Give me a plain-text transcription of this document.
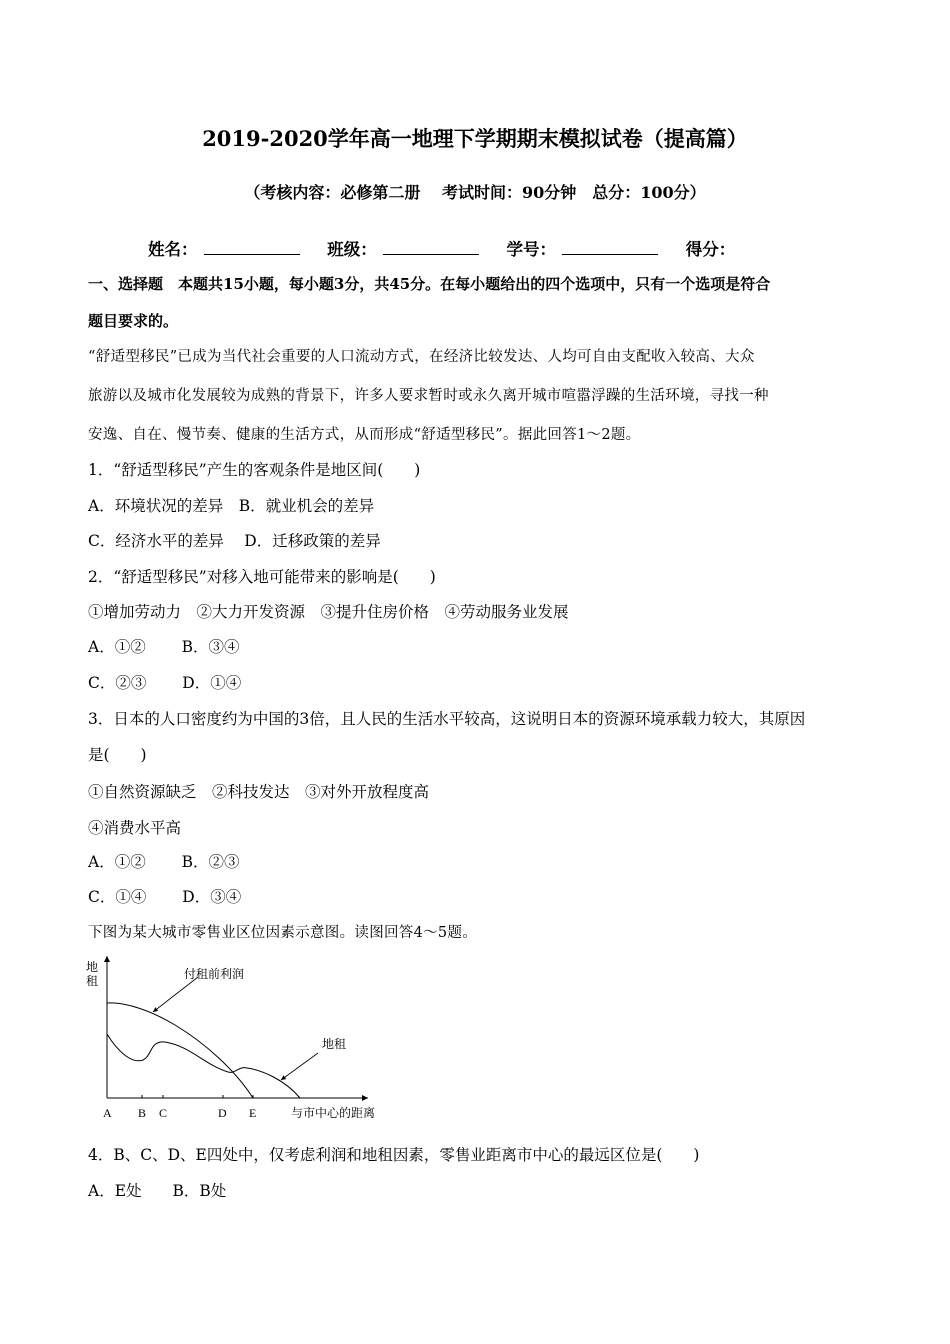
2019-2020学年高一地理下学期期末模拟试卷（提高篇）
（考核内容：必修第二册　 考试时间：90分钟　总分：100分）
姓名：	班级：	学号：	得分：
一、选择题　本题共15小题，每小题3分，共45分。在每小题给出的四个选项中，只有一个选项是符合
题目要求的。
“舒适型移民”已成为当代社会重要的人口流动方式，在经济比较发达、人均可自由支配收入较高、大众
旅游以及城市化发展较为成熟的背景下，许多人要求暂时或永久离开城市喧嚣浮躁的生活环境，寻找一种
安逸、自在、慢节奏、健康的生活方式，从而形成“舒适型移民”。据此回答1～2题。
1．“舒适型移民”产生的客观条件是地区间(　　)
A．环境状况的差异　B．就业机会的差异
C．经济水平的差异　 D．迁移政策的差异
2．“舒适型移民”对移入地可能带来的影响是(　　)
①增加劳动力　②大力开发资源　③提升住房价格　④劳动服务业发展
A．①②　　 B．③④
C．②③　　 D．①④
3．日本的人口密度约为中国的3倍，且人民的生活水平较高，这说明日本的资源环境承载力较大，其原因
是(　　)
①自然资源缺乏　②科技发达　③对外开放程度高
④消费水平高
A．①②　　 B．②③
C．①④　　 D．③④
下图为某大城市零售业区位因素示意图。读图回答4～5题。
地
租	付租前利润
地租
A B C	D E	与市中心的距离
4．B、C、D、E四处中，仅考虑利润和地租因素，零售业距离市中心的最远区位是(　　)
A．E处　　B．B处
